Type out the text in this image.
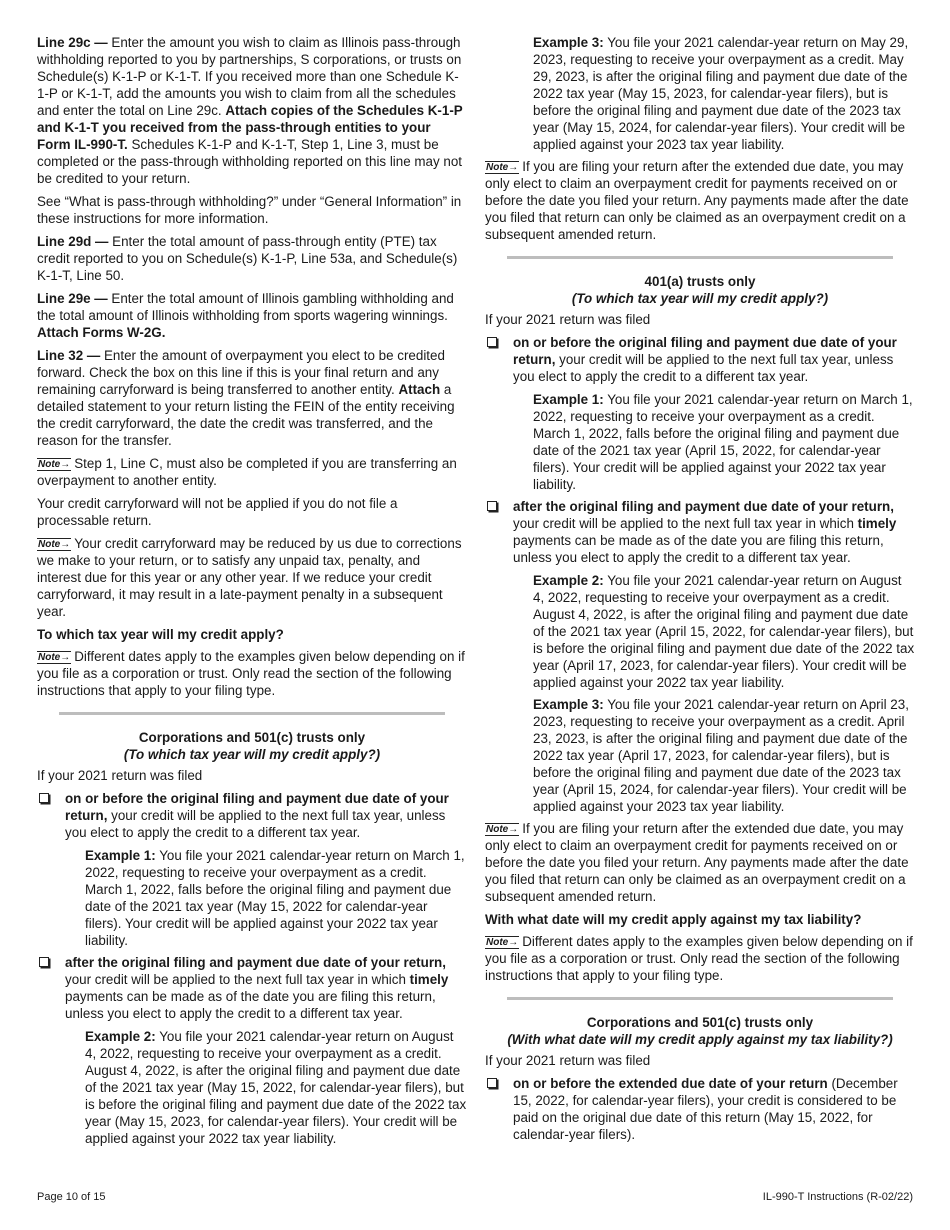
Line 29c — Enter the amount you wish to claim as Illinois pass-through withholding reported to you by partnerships, S corporations, or trusts on Schedule(s) K-1-P or K-1-T. If you received more than one Schedule K-1-P or K-1-T, add the amounts you wish to claim from all the schedules and enter the total on Line 29c. Attach copies of the Schedules K-1-P and K-1-T you received from the pass-through entities to your Form IL-990-T. Schedules K-1-P and K-1-T, Step 1, Line 3, must be completed or the pass-through withholding reported on this line may not be credited to your return.

See “What is pass-through withholding?” under “General Information” in these instructions for more information.

Line 29d — Enter the total amount of pass-through entity (PTE) tax credit reported to you on Schedule(s) K-1-P, Line 53a, and Schedule(s) K-1-T, Line 50.

Line 29e — Enter the total amount of Illinois gambling withholding and the total amount of Illinois withholding from sports wagering winnings. Attach Forms W-2G.

Line 32 — Enter the amount of overpayment you elect to be credited forward. Check the box on this line if this is your final return and any remaining carryforward is being transferred to another entity. Attach a detailed statement to your return listing the FEIN of the entity receiving the credit carryforward, the date the credit was transferred, and the reason for the transfer.

Note→ Step 1, Line C, must also be completed if you are transferring an overpayment to another entity.

Your credit carryforward will not be applied if you do not file a processable return.

Note→ Your credit carryforward may be reduced by us due to corrections we make to your return, or to satisfy any unpaid tax, penalty, and interest due for this year or any other year. If we reduce your credit carryforward, it may result in a late-payment penalty in a subsequent year.

To which tax year will my credit apply?

Note→ Different dates apply to the examples given below depending on if you file as a corporation or trust. Only read the section of the following instructions that apply to your filing type.

Corporations and 501(c) trusts only

(To which tax year will my credit apply?)

If your 2021 return was filed

on or before the original filing and payment due date of your return, your credit will be applied to the next full tax year, unless you elect to apply the credit to a different tax year.

Example 1: You file your 2021 calendar-year return on March 1, 2022, requesting to receive your overpayment as a credit. March 1, 2022, falls before the original filing and payment due date of the 2021 tax year (May 15, 2022 for calendar-year filers). Your credit will be applied against your 2022 tax year liability.

after the original filing and payment due date of your return, your credit will be applied to the next full tax year in which timely payments can be made as of the date you are filing this return, unless you elect to apply the credit to a different tax year.

Example 2: You file your 2021 calendar-year return on August 4, 2022, requesting to receive your overpayment as a credit. August 4, 2022, is after the original filing and payment due date of the 2021 tax year (May 15, 2022, for calendar-year filers), but is before the original filing and payment due date of the 2022 tax year (May 15, 2023, for calendar-year filers). Your credit will be applied against your 2022 tax year liability.

Example 3: You file your 2021 calendar-year return on May 29, 2023, requesting to receive your overpayment as a credit. May 29, 2023, is after the original filing and payment due date of the 2022 tax year (May 15, 2023, for calendar-year filers), but is before the original filing and payment due date of the 2023 tax year (May 15, 2024, for calendar-year filers). Your credit will be applied against your 2023 tax year liability.

Note→ If you are filing your return after the extended due date, you may only elect to claim an overpayment credit for payments received on or before the date you filed your return. Any payments made after the date you filed that return can only be claimed as an overpayment credit on a subsequent amended return.

401(a) trusts only

(To which tax year will my credit apply?)

If your 2021 return was filed

on or before the original filing and payment due date of your return, your credit will be applied to the next full tax year, unless you elect to apply the credit to a different tax year.

Example 1: You file your 2021 calendar-year return on March 1, 2022, requesting to receive your overpayment as a credit. March 1, 2022, falls before the original filing and payment due date of the 2021 tax year (April 15, 2022, for calendar-year filers). Your credit will be applied against your 2022 tax year liability.

after the original filing and payment due date of your return, your credit will be applied to the next full tax year in which timely payments can be made as of the date you are filing this return, unless you elect to apply the credit to a different tax year.

Example 2: You file your 2021 calendar-year return on August 4, 2022, requesting to receive your overpayment as a credit. August 4, 2022, is after the original filing and payment due date of the 2021 tax year (April 15, 2022, for calendar-year filers), but is before the original filing and payment due date of the 2022 tax year (April 17, 2023, for calendar-year filers). Your credit will be applied against your 2022 tax year liability.

Example 3: You file your 2021 calendar-year return on April 23, 2023, requesting to receive your overpayment as a credit. April 23, 2023, is after the original filing and payment due date of the 2022 tax year (April 17, 2023, for calendar-year filers), but is before the original filing and payment due date of the 2023 tax year (April 15, 2024, for calendar-year filers). Your credit will be applied against your 2023 tax year liability.

Note→ If you are filing your return after the extended due date, you may only elect to claim an overpayment credit for payments received on or before the date you filed your return. Any payments made after the date you filed that return can only be claimed as an overpayment credit on a subsequent amended return.

With what date will my credit apply against my tax liability?

Note→ Different dates apply to the examples given below depending on if you file as a corporation or trust. Only read the section of the following instructions that apply to your filing type.

Corporations and 501(c) trusts only

(With what date will my credit apply against my tax liability?)

If your 2021 return was filed

on or before the extended due date of your return (December 15, 2022, for calendar-year filers), your credit is considered to be paid on the original due date of this return (May 15, 2022, for calendar-year filers).
Page 10 of 15	IL-990-T Instructions (R-02/22)
